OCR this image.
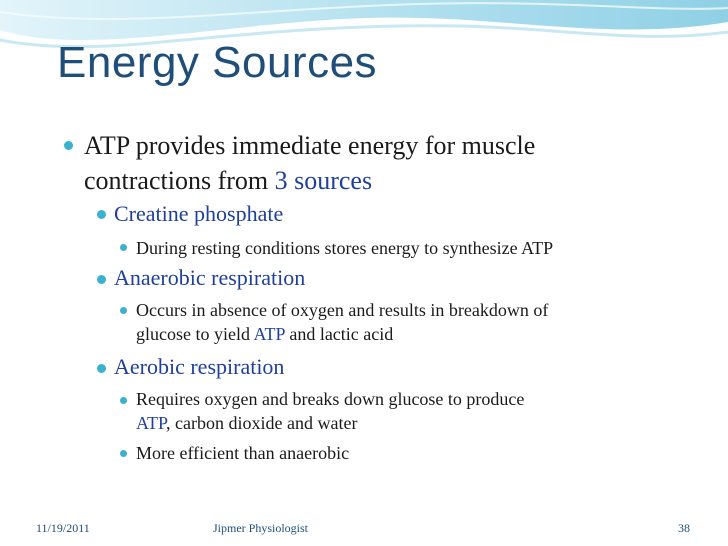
Energy Sources
ATP provides immediate energy for muscle
contractions from 3 sources
Creatine phosphate
During resting conditions stores energy to synthesize ATP
Anaerobic respiration
Occurs in absence of oxygen and results in breakdown of
glucose to yield ATP and lactic acid
Aerobic respiration
Requires oxygen and breaks down glucose to produce
ATP, carbon dioxide and water
More efficient than anaerobic
11/19/2011	Jipmer Physiologist	38
